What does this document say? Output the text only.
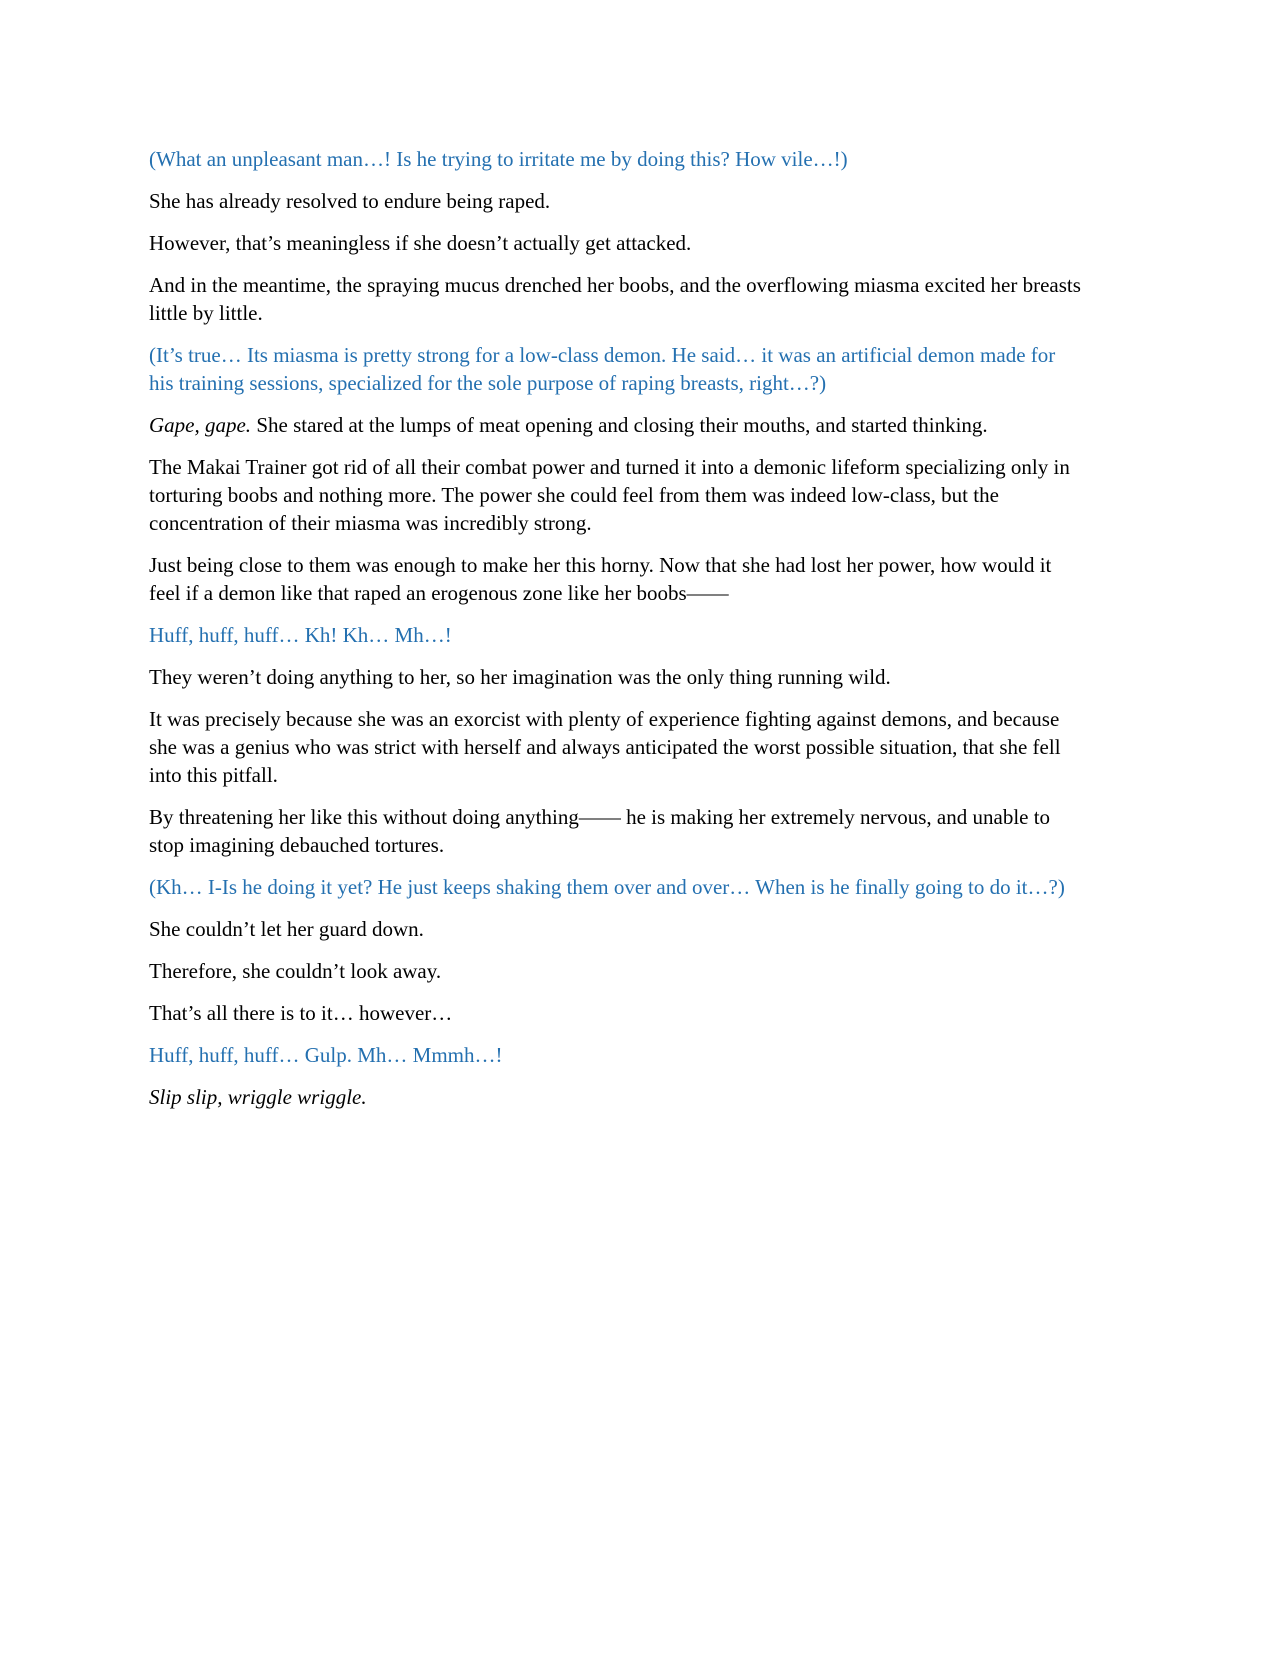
(What an unpleasant man…! Is he trying to irritate me by doing this? How vile…!)

She has already resolved to endure being raped.

However, that’s meaningless if she doesn’t actually get attacked.

And in the meantime, the spraying mucus drenched her boobs, and the overflowing miasma excited her breasts little by little.

(It’s true… Its miasma is pretty strong for a low-class demon. He said… it was an artificial demon made for his training sessions, specialized for the sole purpose of raping breasts, right…?)

Gape, gape. She stared at the lumps of meat opening and closing their mouths, and started thinking.

The Makai Trainer got rid of all their combat power and turned it into a demonic lifeform specializing only in torturing boobs and nothing more. The power she could feel from them was indeed low-class, but the concentration of their miasma was incredibly strong.

Just being close to them was enough to make her this horny. Now that she had lost her power, how would it feel if a demon like that raped an erogenous zone like her boobs——

Huff, huff, huff… Kh! Kh… Mh…!

They weren’t doing anything to her, so her imagination was the only thing running wild.

It was precisely because she was an exorcist with plenty of experience fighting against demons, and because she was a genius who was strict with herself and always anticipated the worst possible situation, that she fell into this pitfall.

By threatening her like this without doing anything—— he is making her extremely nervous, and unable to stop imagining debauched tortures.

(Kh… I-Is he doing it yet? He just keeps shaking them over and over… When is he finally going to do it…?)

She couldn’t let her guard down.

Therefore, she couldn’t look away.

That’s all there is to it… however…

Huff, huff, huff… Gulp. Mh… Mmmh…!

Slip slip, wriggle wriggle.
